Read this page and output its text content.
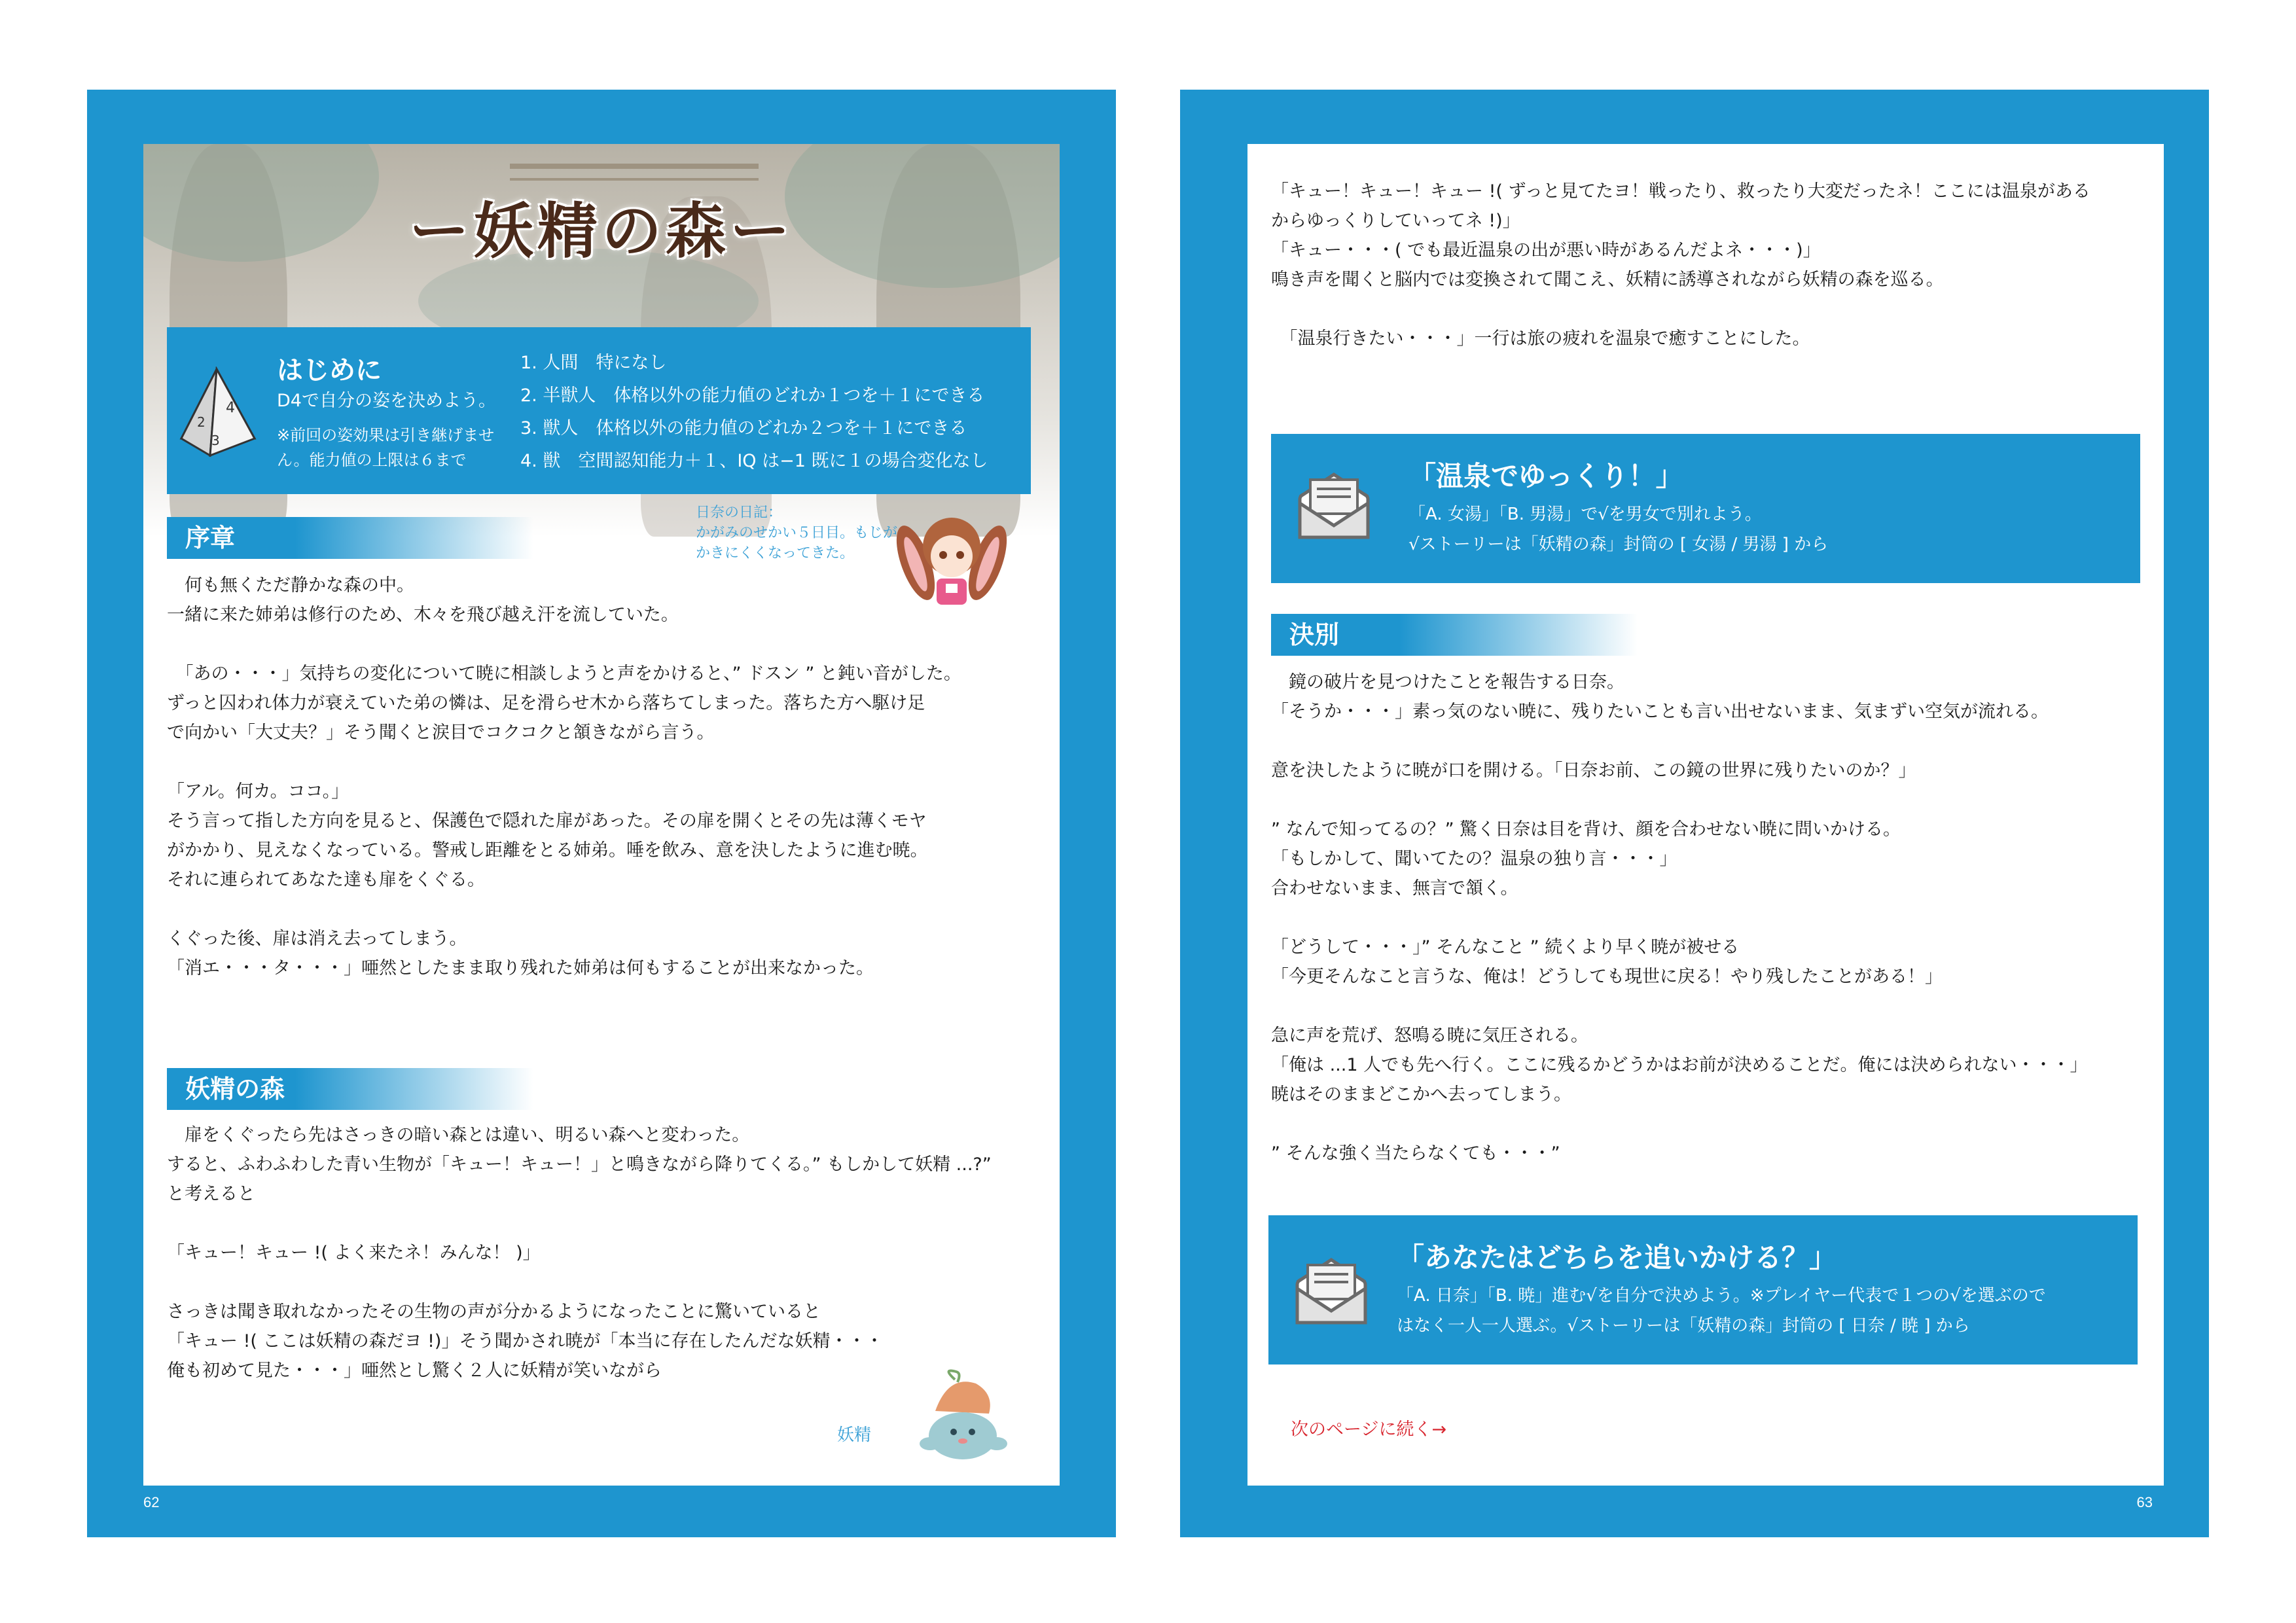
ー妖精の森ー
4
2
3
はじめに
D4で自分の姿を決めよう。
※前回の姿効果は引き継げません。能力値の上限は６まで
1. 人間　特になし
2. 半獣人　体格以外の能力値のどれか１つを＋１にできる
3. 獣人　体格以外の能力値のどれか２つを＋１にできる
4. 獣　空間認知能力＋１、IQ は−1 既に１の場合変化なし
序章
日奈の日記：
かがみのせかい５日目。もじがかきにくくなってきた。
　何も無くただ静かな森の中。
一緒に来た姉弟は修行のため、木々を飛び越え汗を流していた。

　「あの・・・」気持ちの変化について暁に相談しようと声をかけると、” ドスン ” と鈍い音がした。
ずっと囚われ体力が衰えていた弟の憐は、足を滑らせ木から落ちてしまった。落ちた方へ駆け足
で向かい「大丈夫？」そう聞くと涙目でコクコクと頷きながら言う。

「アル。何カ。ココ。」
そう言って指した方向を見ると、保護色で隠れた扉があった。その扉を開くとその先は薄くモヤ
がかかり、見えなくなっている。警戒し距離をとる姉弟。唾を飲み、意を決したように進む暁。
それに連られてあなた達も扉をくぐる。

くぐった後、扉は消え去ってしまう。
「消エ・・・タ・・・」唖然としたまま取り残れた姉弟は何もすることが出来なかった。
妖精の森
　扉をくぐったら先はさっきの暗い森とは違い、明るい森へと変わった。
すると、ふわふわした青い生物が「キュー！キュー！」と鳴きながら降りてくる。” もしかして妖精 ...?”
と考えると

「キュー！キュー !( よく来たネ！みんな！ )」

さっきは聞き取れなかったその生物の声が分かるようになったことに驚いていると
「キュー !( ここは妖精の森だヨ !)」そう聞かされ暁が「本当に存在したんだな妖精・・・
俺も初めて見た・・・」唖然とし驚く２人に妖精が笑いながら
妖精
62
「キュー！キュー！キュー !( ずっと見てたヨ！戦ったり、救ったり大変だったネ！ここには温泉がある
からゆっくりしていってネ !)」
「キュー・・・( でも最近温泉の出が悪い時があるんだよネ・・・)」
鳴き声を聞くと脳内では変換されて聞こえ、妖精に誘導されながら妖精の森を巡る。

　「温泉行きたい・・・」一行は旅の疲れを温泉で癒すことにした。
「温泉でゆっくり！」

「A. 女湯」「B. 男湯」で√を男女で別れよう。
√ストーリーは「妖精の森」封筒の [ 女湯 / 男湯 ] から

決別
　鏡の破片を見つけたことを報告する日奈。
「そうか・・・」素っ気のない暁に、残りたいことも言い出せないまま、気まずい空気が流れる。

意を決したように暁が口を開ける。「日奈お前、この鏡の世界に残りたいのか？」

” なんで知ってるの？” 驚く日奈は目を背け、顔を合わせない暁に問いかける。
「もしかして、聞いてたの？温泉の独り言・・・」
合わせないまま、無言で頷く。

「どうして・・・」” そんなこと ” 続くより早く暁が被せる
「今更そんなこと言うな、俺は！どうしても現世に戻る！やり残したことがある！」

急に声を荒げ、怒鳴る暁に気圧される。
「俺は ...1 人でも先へ行く。ここに残るかどうかはお前が決めることだ。俺には決められない・・・」
暁はそのままどこかへ去ってしまう。

” そんな強く当たらなくても・・・”
「あなたはどちらを追いかける？」

「A. 日奈」「B. 暁」進む√を自分で決めよう。※プレイヤー代表で１つの√を選ぶので
はなく一人一人選ぶ。√ストーリーは「妖精の森」封筒の [ 日奈 / 暁 ] から

次のページに続く→
63
